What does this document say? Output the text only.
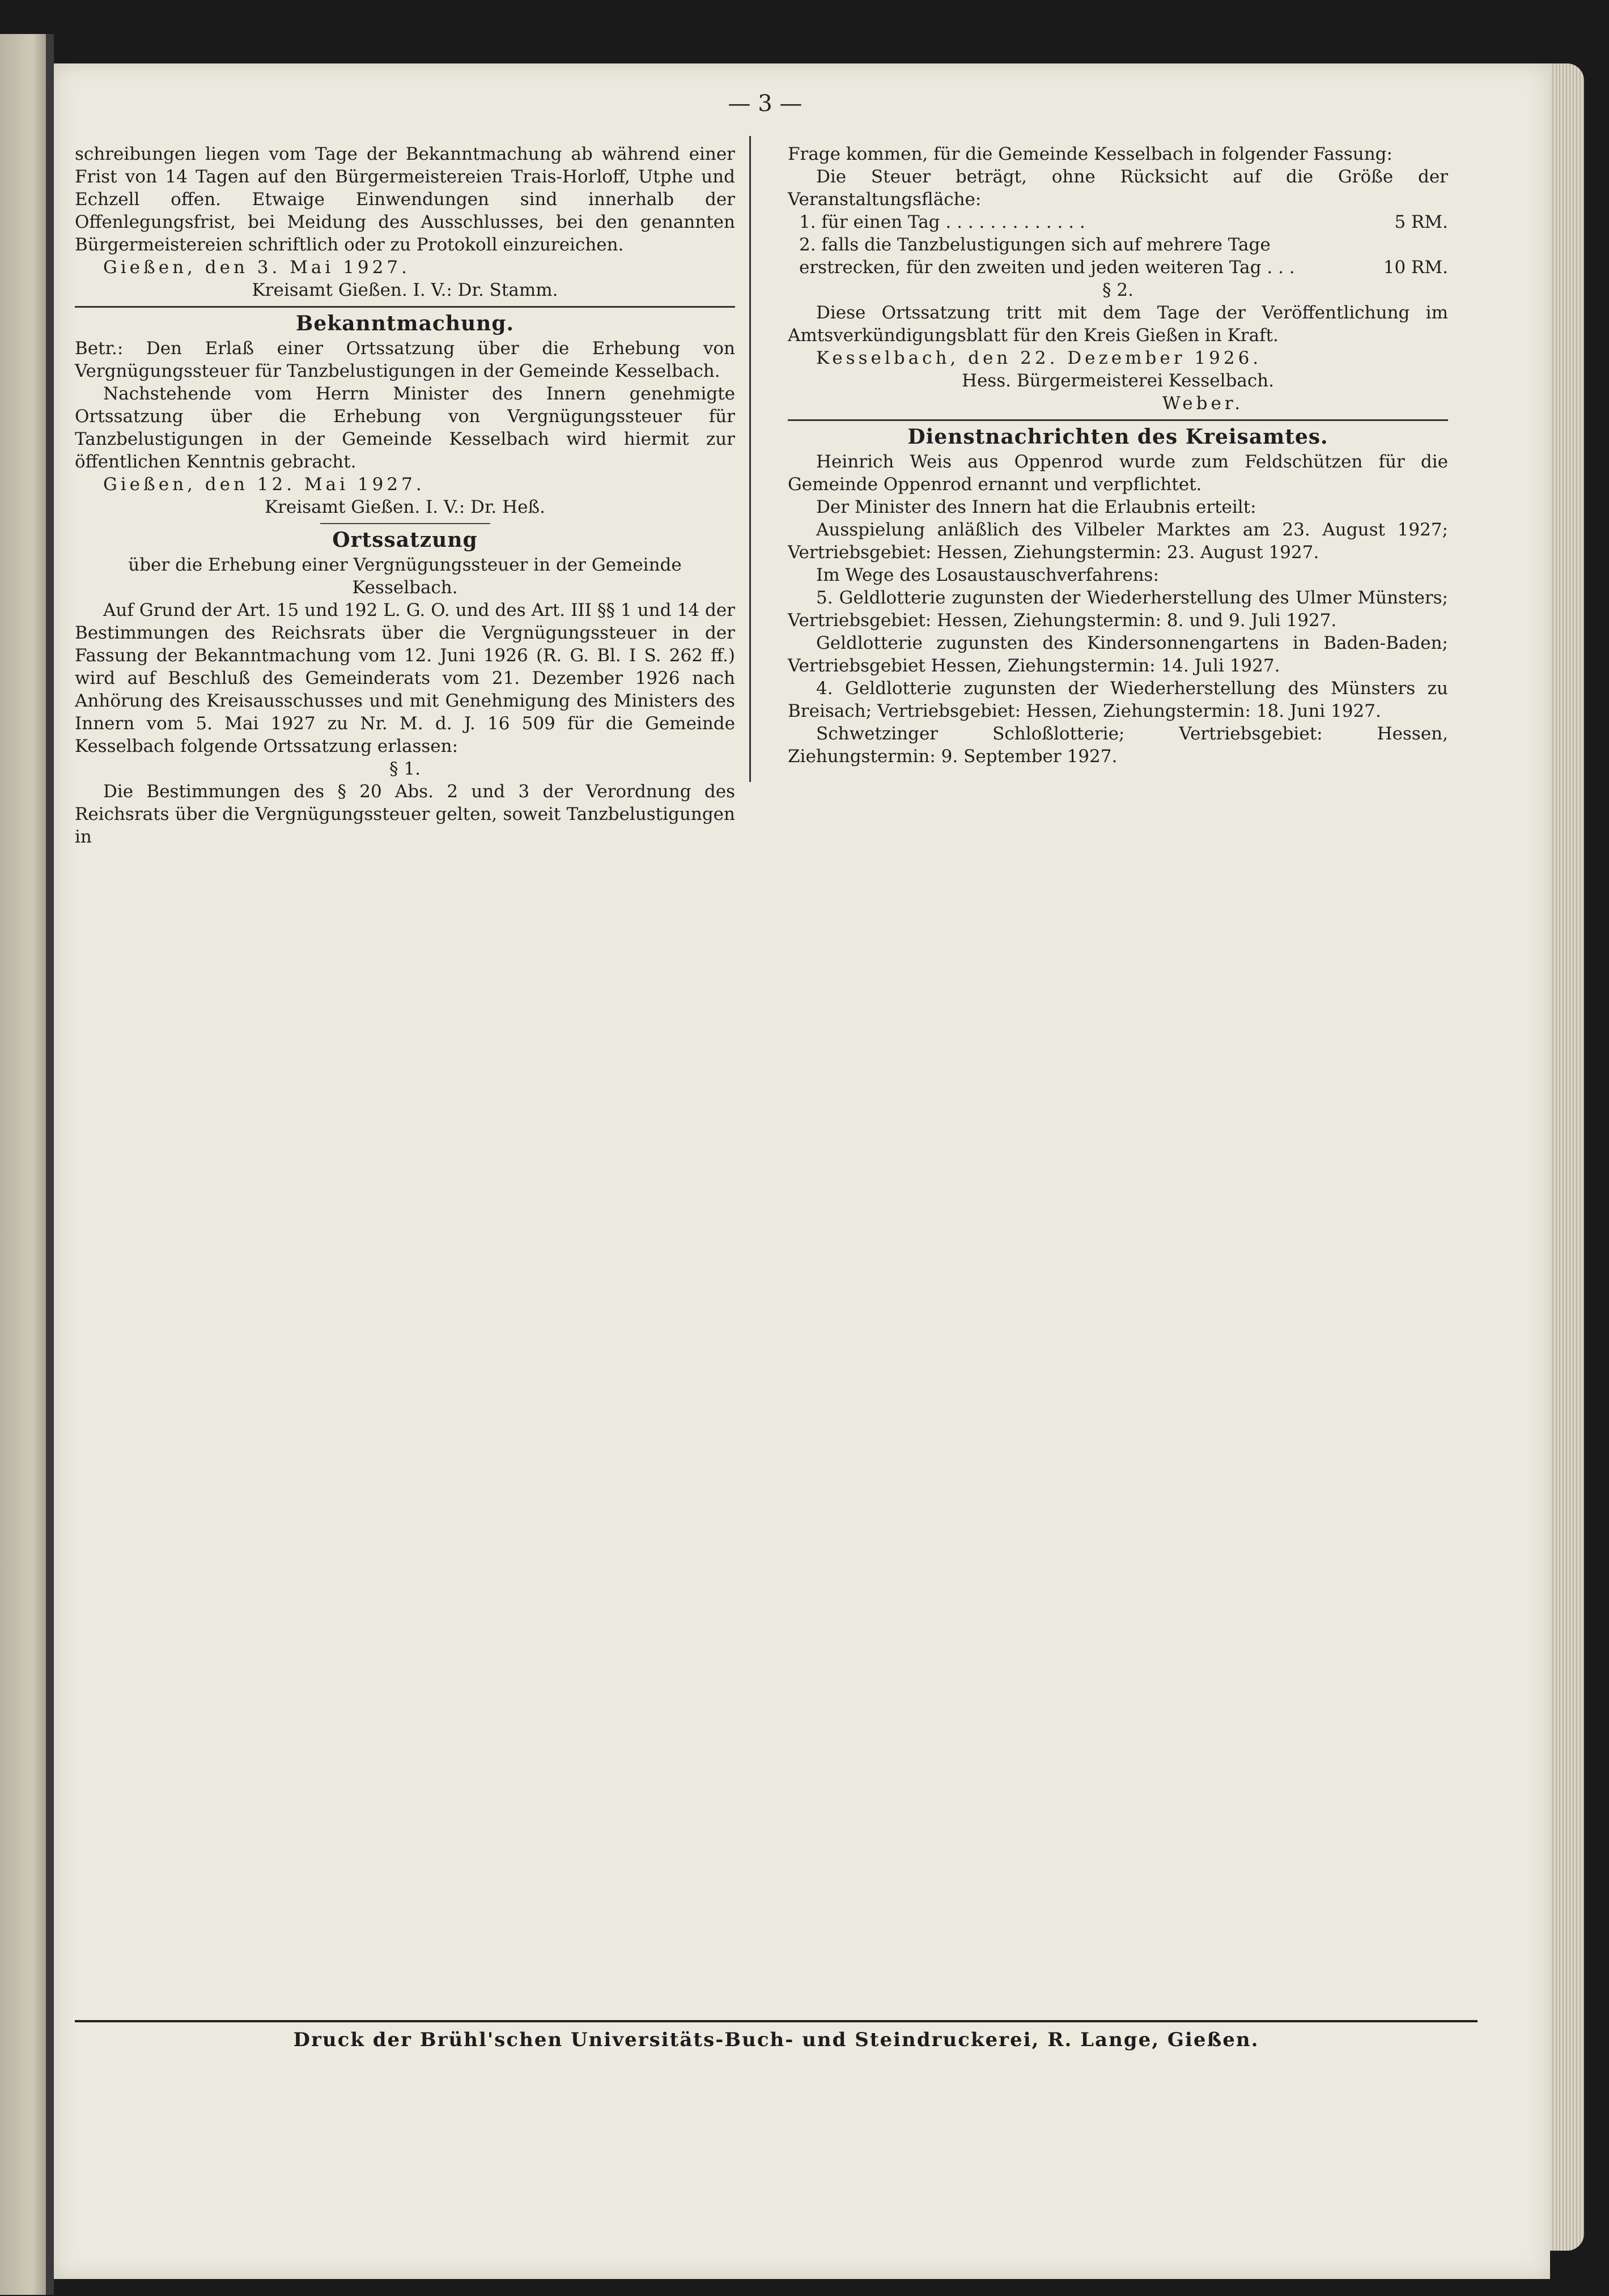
— 3 —

schreibungen liegen vom Tage der Bekanntmachung ab während einer Frist von 14 Tagen auf den Bürgermeistereien Trais-Horloff, Utphe und Echzell offen. Etwaige Einwendungen sind innerhalb der Offenlegungsfrist, bei Meidung des Ausschlusses, bei den genannten Bürgermeistereien schriftlich oder zu Protokoll einzureichen.

Gießen, den 3. Mai 1927.

Kreisamt Gießen. I. V.: Dr. Stamm.

Bekanntmachung.

Betr.: Den Erlaß einer Ortssatzung über die Erhebung von Vergnügungssteuer für Tanzbelustigungen in der Gemeinde Kesselbach.

Nachstehende vom Herrn Minister des Innern genehmigte Ortssatzung über die Erhebung von Vergnügungssteuer für Tanzbelustigungen in der Gemeinde Kesselbach wird hiermit zur öffentlichen Kenntnis gebracht.

Gießen, den 12. Mai 1927.

Kreisamt Gießen. I. V.: Dr. Heß.

Ortssatzung

über die Erhebung einer Vergnügungssteuer in der Gemeinde Kesselbach.

Auf Grund der Art. 15 und 192 L. G. O. und des Art. III §§ 1 und 14 der Bestimmungen des Reichsrats über die Vergnügungssteuer in der Fassung der Bekanntmachung vom 12. Juni 1926 (R. G. Bl. I S. 262 ff.) wird auf Beschluß des Gemeinderats vom 21. Dezember 1926 nach Anhörung des Kreisausschusses und mit Genehmigung des Ministers des Innern vom 5. Mai 1927 zu Nr. M. d. J. 16 509 für die Gemeinde Kesselbach folgende Ortssatzung erlassen:

§ 1.

Die Bestimmungen des § 20 Abs. 2 und 3 der Verordnung des Reichsrats über die Vergnügungssteuer gelten, soweit Tanzbelustigungen in

Frage kommen, für die Gemeinde Kesselbach in folgender Fassung:

Die Steuer beträgt, ohne Rücksicht auf die Größe der Veranstaltungsfläche:

1. für einen Tag . . . . . . . . . . . . .	5 RM.
2. falls die Tanzbelustigungen sich auf mehrere Tage erstrecken, für den zweiten und jeden weiteren Tag . . .	10 RM.

§ 2.

Diese Ortssatzung tritt mit dem Tage der Veröffentlichung im Amtsverkündigungsblatt für den Kreis Gießen in Kraft.

Kesselbach, den 22. Dezember 1926.

Hess. Bürgermeisterei Kesselbach.

Weber.

Dienstnachrichten des Kreisamtes.

Heinrich Weis aus Oppenrod wurde zum Feldschützen für die Gemeinde Oppenrod ernannt und verpflichtet.

Der Minister des Innern hat die Erlaubnis erteilt:

Ausspielung anläßlich des Vilbeler Marktes am 23. August 1927; Vertriebsgebiet: Hessen, Ziehungstermin: 23. August 1927.

Im Wege des Losaustauschverfahrens:

5. Geldlotterie zugunsten der Wiederherstellung des Ulmer Münsters; Vertriebsgebiet: Hessen, Ziehungstermin: 8. und 9. Juli 1927.

Geldlotterie zugunsten des Kindersonnengartens in Baden-Baden; Vertriebsgebiet Hessen, Ziehungstermin: 14. Juli 1927.

4. Geldlotterie zugunsten der Wiederherstellung des Münsters zu Breisach; Vertriebsgebiet: Hessen, Ziehungstermin: 18. Juni 1927.

Schwetzinger Schloßlotterie; Vertriebsgebiet: Hessen, Ziehungstermin: 9. September 1927.

Druck der Brühl'schen Universitäts-Buch- und Steindruckerei, R. Lange, Gießen.
